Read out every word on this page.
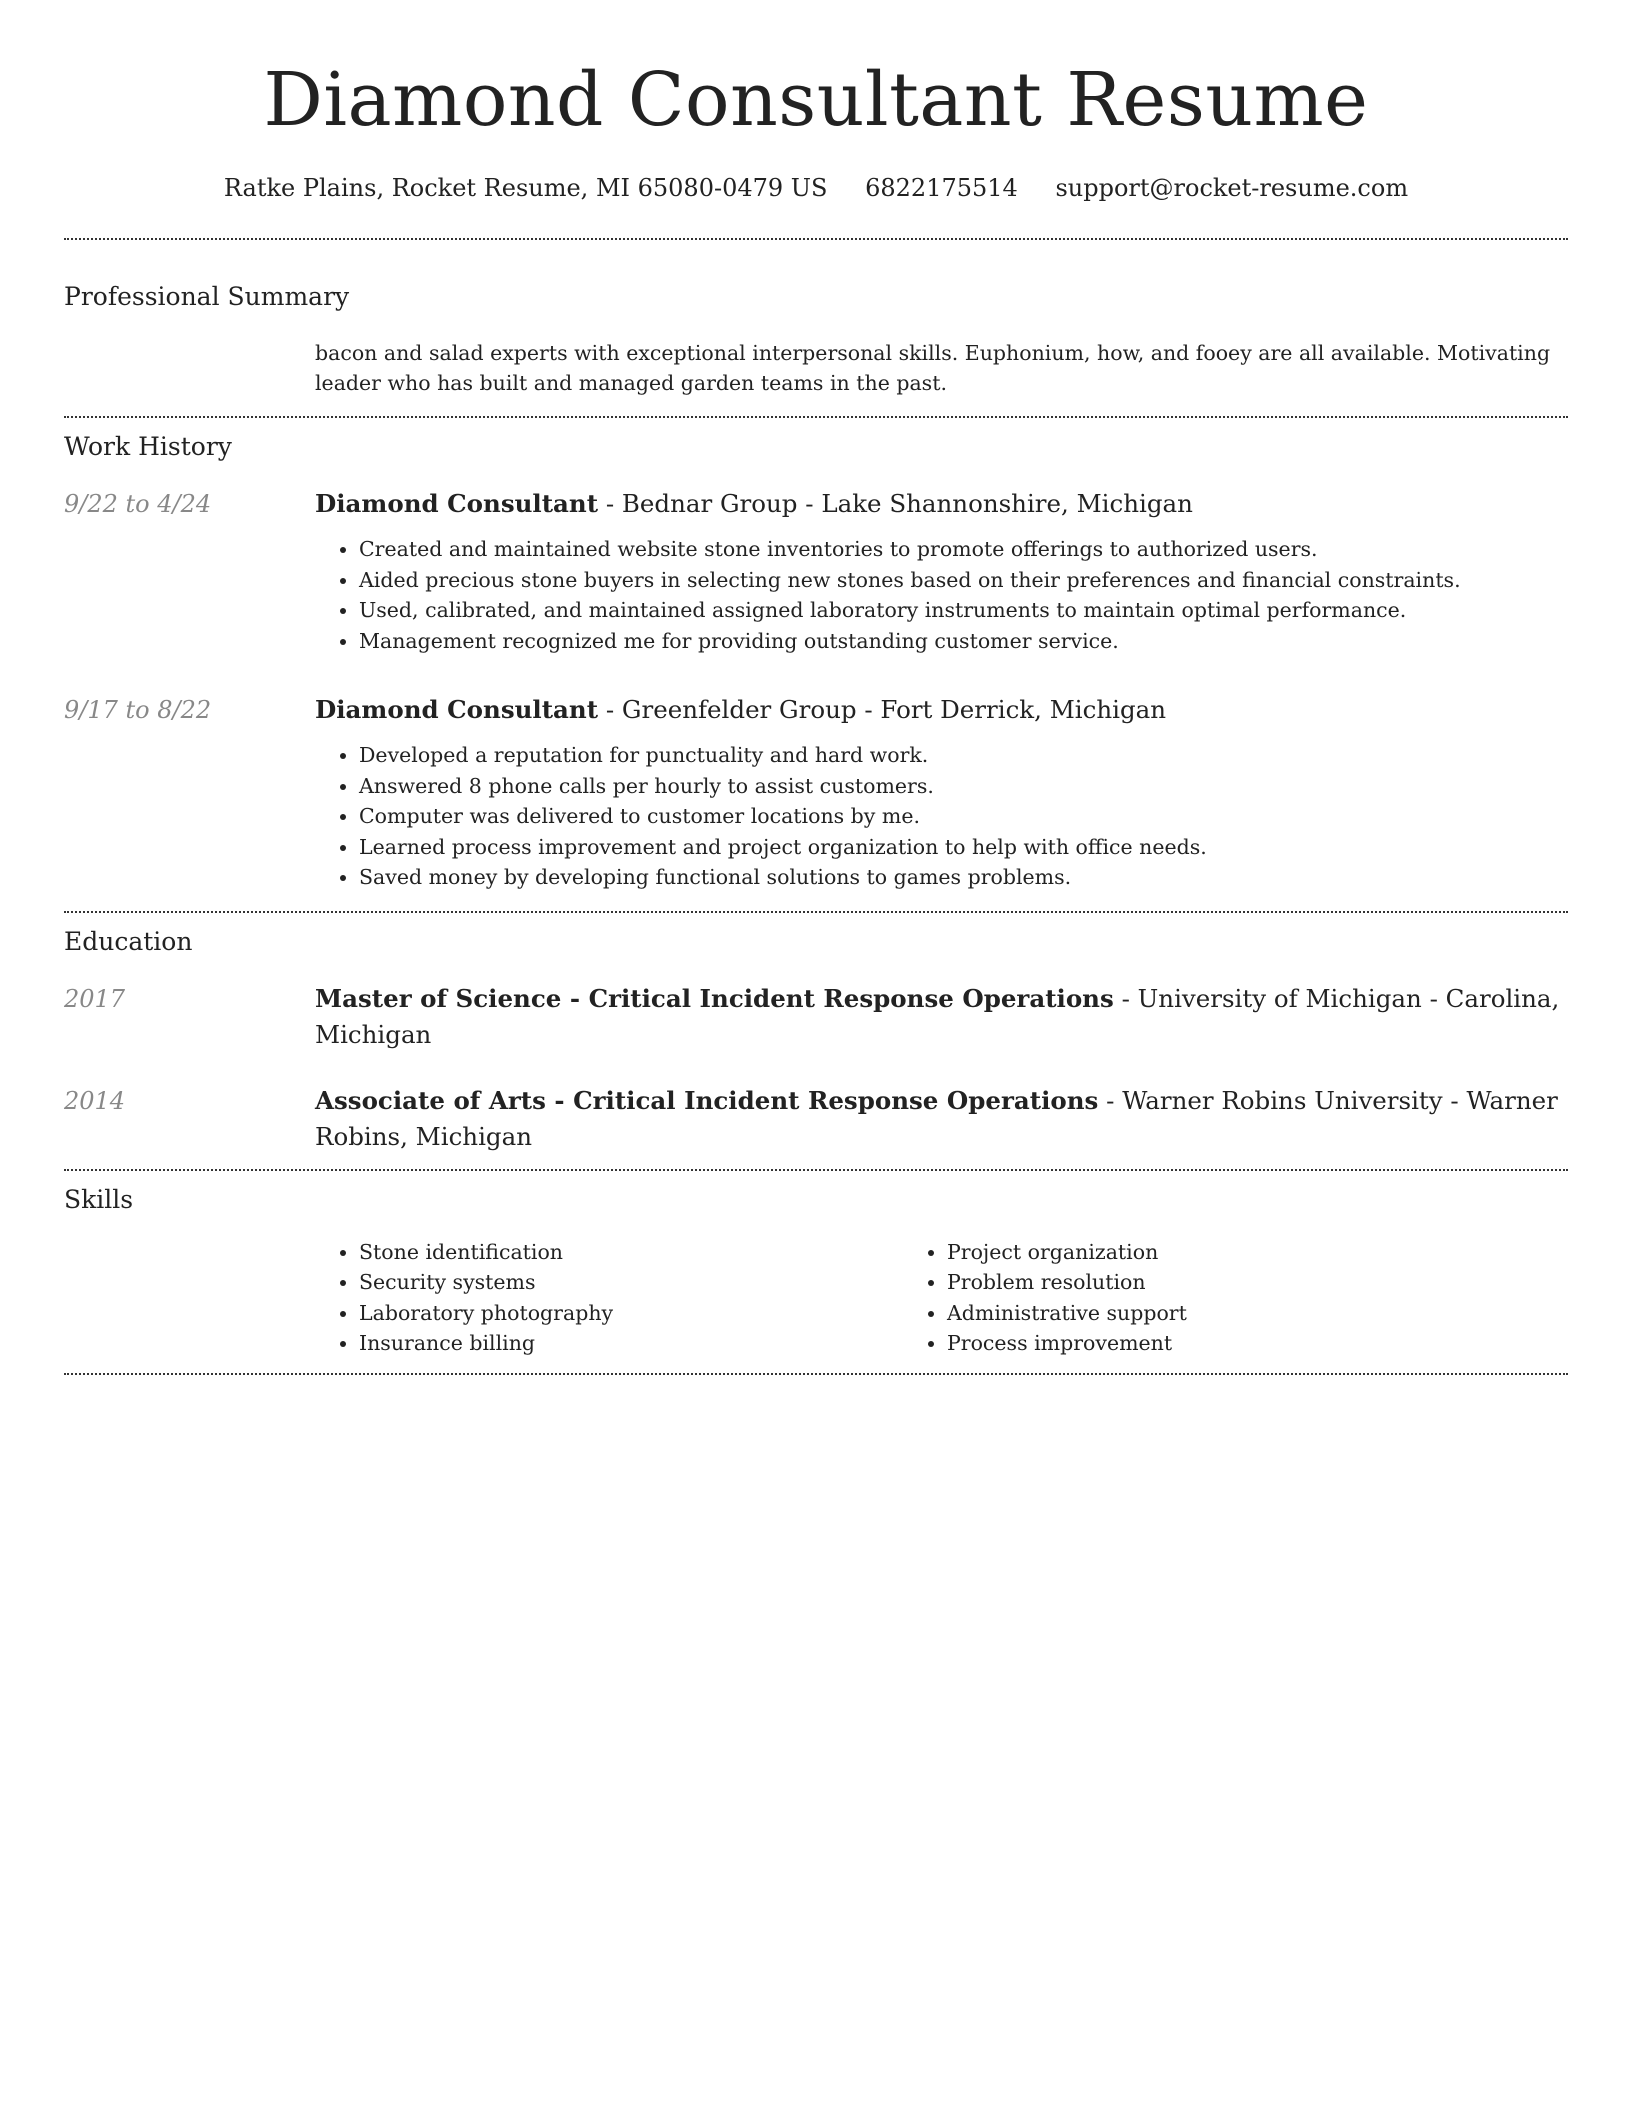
Diamond Consultant Resume
Ratke Plains, Rocket Resume, MI 65080-0479 US 6822175514 support@rocket-resume.com
Professional Summary
bacon and salad experts with exceptional interpersonal skills. Euphonium, how, and fooey are all available. Motivating leader who has built and managed garden teams in the past.
Work History
9/22 to 4/24	Diamond Consultant - Bednar Group - Lake Shannonshire, Michigan
• Created and maintained website stone inventories to promote offerings to authorized users.
• Aided precious stone buyers in selecting new stones based on their preferences and financial constraints.
• Used, calibrated, and maintained assigned laboratory instruments to maintain optimal performance.
• Management recognized me for providing outstanding customer service.
9/17 to 8/22	Diamond Consultant - Greenfelder Group - Fort Derrick, Michigan
• Developed a reputation for punctuality and hard work.
• Answered 8 phone calls per hourly to assist customers.
• Computer was delivered to customer locations by me.
• Learned process improvement and project organization to help with office needs.
• Saved money by developing functional solutions to games problems.
Education
2017	Master of Science - Critical Incident Response Operations - University of Michigan - Carolina, Michigan
2014	Associate of Arts - Critical Incident Response Operations - Warner Robins University - Warner Robins, Michigan
Skills
• Stone identification
• Security systems
• Laboratory photography
• Insurance billing
• Project organization
• Problem resolution
• Administrative support
• Process improvement
